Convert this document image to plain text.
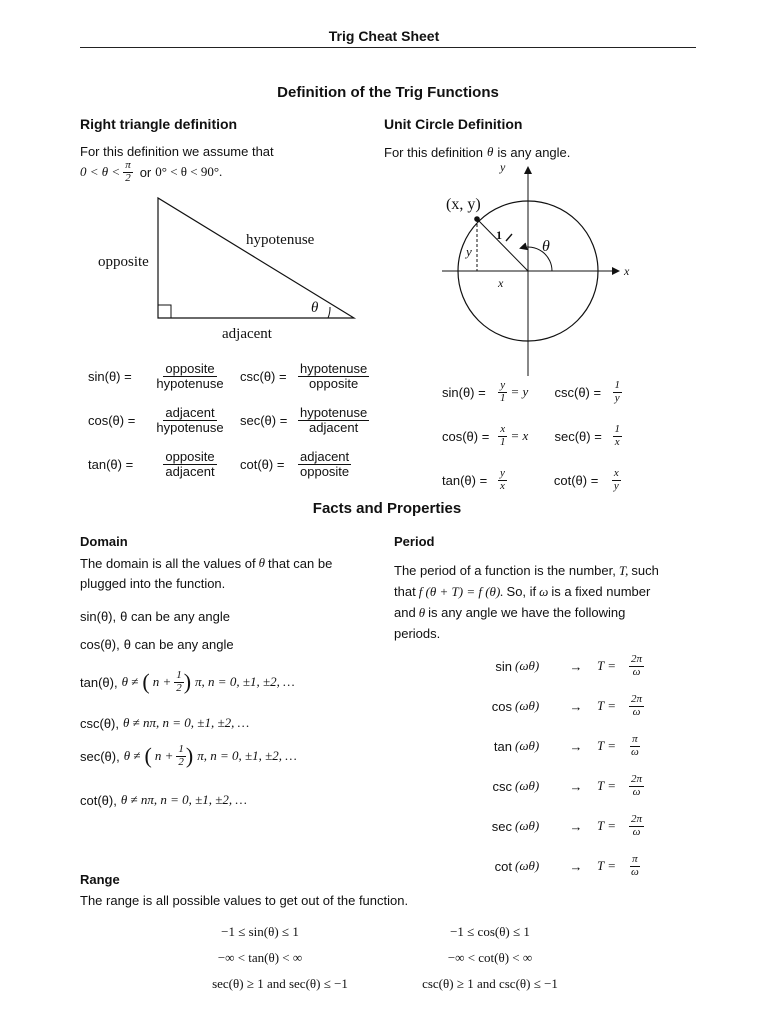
Trig Cheat Sheet
Definition of the Trig Functions
Right triangle definition
For this definition we assume that
$0 < \theta < \frac{\pi}{2}$ or 0° < θ < 90°.
hypotenuse
opposite
adjacent
θ
$\sin(\theta) = \frac{\text{opposite}}{\text{hypotenuse}} \csc(\theta) = \frac{\text{hypotenuse}}{\text{opposite}}$
$\cos(\theta) = \frac{\text{adjacent}}{\text{hypotenuse}} \sec(\theta) = \frac{\text{hypotenuse}}{\text{adjacent}}$
$\tan(\theta) = \frac{\text{opposite}}{\text{adjacent}} \cot(\theta)$ =	$\frac{\text{adjacent}}{\text{opposite}}$
Unit Circle Definition
For this definition θ is any angle.
(x, y)
y
x
1
θ
y
x
sin(θ) =	$\frac{y}{1} = y$	csc(θ) =	$\frac{1}{y}$
$\cos(\theta) = \frac{x}{1} = x$	$\sec(\theta) = \frac{1}{x}$
$\tan(\theta) = \frac{y}{x}$	cot(θ) =	$\frac{x}{y}$
Facts and Properties
Domain
The domain is all the values of θ that can be
plugged into the function.
sin(θ), θ can be any angle
cos(θ), θ can be any angle
tan(θ), θ ≠ ( $n + \frac{1}{2}$ ) π, n = 0, ±1, ±2, …
csc(θ), θ ≠ nπ, n = 0, ±1, ±2, …
sec(θ), θ ≠ ( $n + \frac{1}{2}$ ) π, n = 0, ±1, ±2, …
cot(θ), θ ≠ nπ, n = 0, ±1, ±2, …
Period
The period of a function is the number, T, such
that f (θ + T) = f (θ). So, if ω is a fixed number
and θ is any angle we have the following
periods.
sin (ωθ)	→	T =	$\frac{2\pi}{\omega}$
cos (ωθ)	→	T =	$\frac{2\pi}{\omega}$
tan (ωθ)	→	T =	$\frac{\pi}{\omega}$
csc (ωθ)	→	T =	$\frac{2\pi}{\omega}$
sec (ωθ)	→	T =	$\frac{2\pi}{\omega}$
cot (ωθ)	→	T =	$\frac{\pi}{\omega}$
Range
The range is all possible values to get out of the function.
−1 ≤ sin(θ) ≤ 1	−1 ≤ cos(θ) ≤ 1
−∞ < tan(θ) < ∞	−∞ < cot(θ) < ∞
sec(θ) ≥ 1 and sec(θ) ≤ −1	csc(θ) ≥ 1 and csc(θ) ≤ −1
